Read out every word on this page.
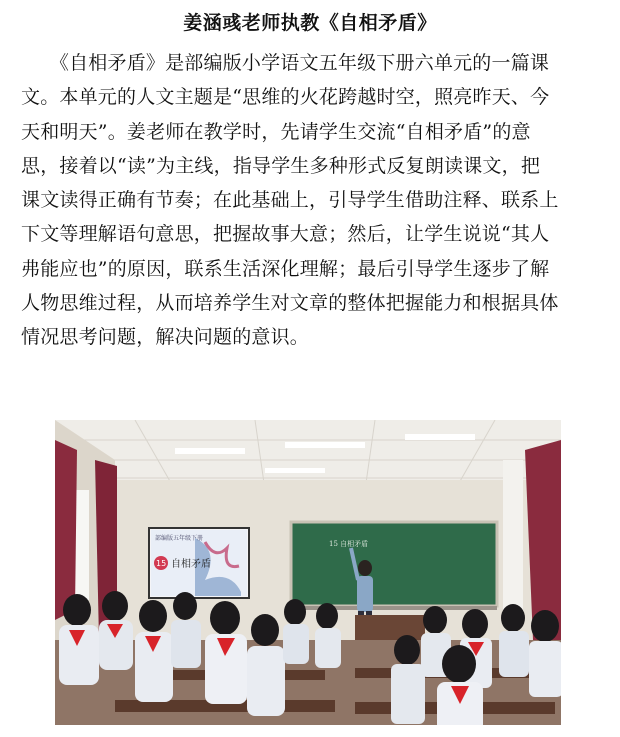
姜涵彧老师执教《自相矛盾》
　　《自相矛盾》是部编版小学语文五年级下册六单元的一篇课
文。本单元的人文主题是“思维的火花跨越时空，照亮昨天、今
天和明天”。姜老师在教学时，先请学生交流“自相矛盾”的意
思，接着以“读”为主线，指导学生多种形式反复朗读课文，把
课文读得正确有节奏；在此基础上，引导学生借助注释、联系上
下文等理解语句意思，把握故事大意；然后，让学生说说“其人
弗能应也”的原因，联系生活深化理解；最后引导学生逐步了解
人物思维过程，从而培养学生对文章的整体把握能力和根据具体
情况思考问题，解决问题的意识。
部编版五年级下册
15 自相矛盾
15 自相矛盾
